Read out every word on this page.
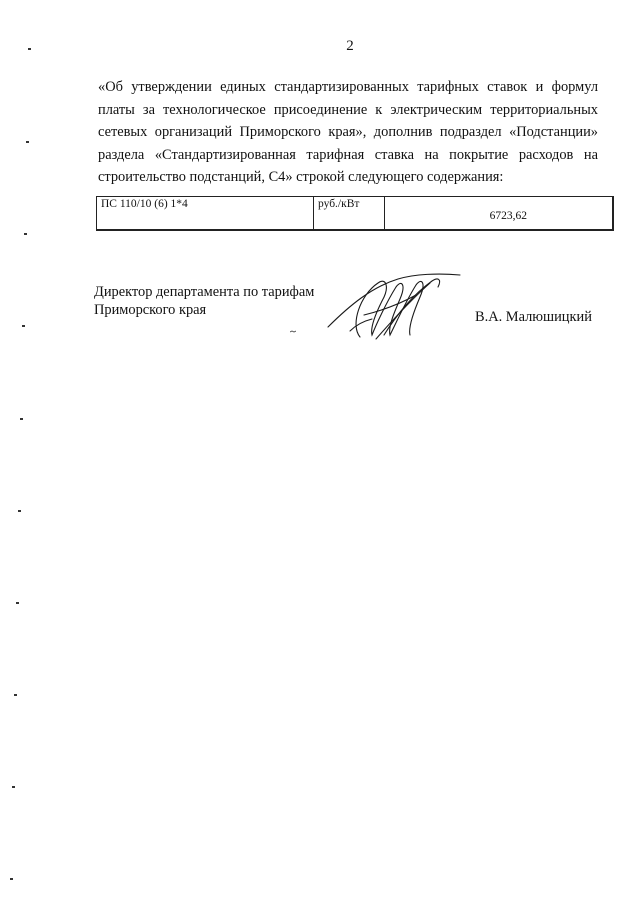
2
«Об утверждении единых стандартизированных тарифных ставок и формул
платы за технологическое присоединение к электрическим территориальных
сетевых организаций Приморского края», дополнив подраздел «Подстанции»
раздела «Стандартизированная тарифная ставка на покрытие расходов на
строительство подстанций, С4» строкой следующего содержания:
ПС 110/10 (6) 1*4	руб./кВт	6723,62
Директор департамента по тарифам
Приморского края	В.А. Малюшицкий
